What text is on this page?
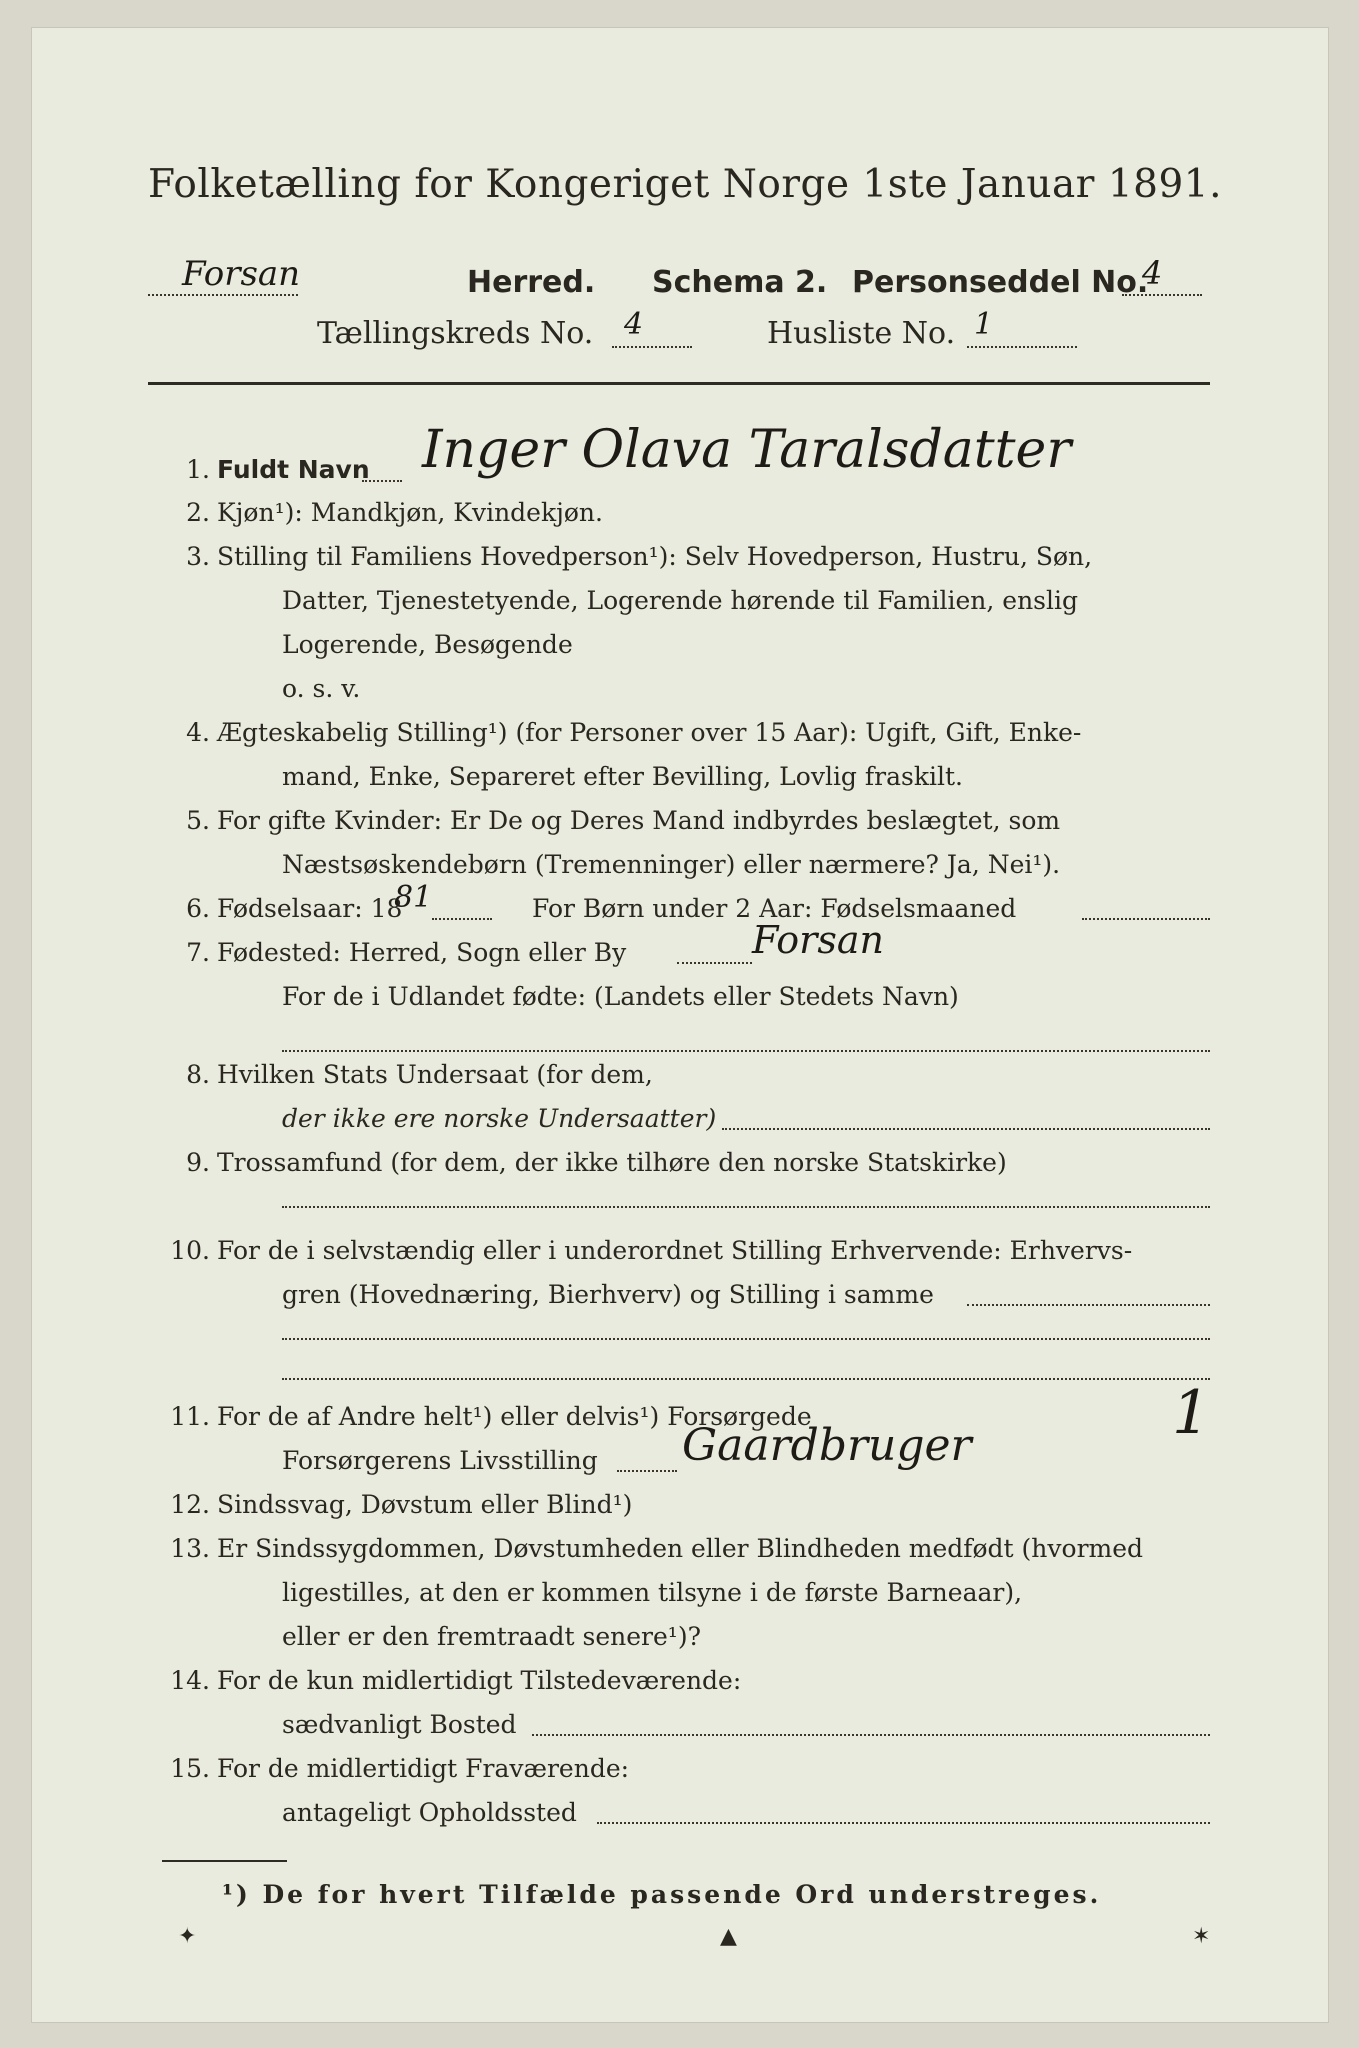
Folketælling for Kongeriget Norge 1ste Januar 1891.
Forsan	Herred. Schema 2. Personseddel No.
4
Tællingskreds No. 4	Husliste No. 1
1. Fuldt Navn Inger Olava Taralsdatter
2. Kjøn¹): Mandkjøn, Kvindekjøn.
3. Stilling til Familiens Hovedperson¹): Selv Hovedperson, Hustru, Søn,
Datter, Tjenestetyende, Logerende hørende til Familien, enslig
Logerende, Besøgende
o. s. v.
4. Ægteskabelig Stilling¹) (for Personer over 15 Aar): Ugift, Gift, Enke-
mand, Enke, Separeret efter Bevilling, Lovlig fraskilt.
5. For gifte Kvinder: Er De og Deres Mand indbyrdes beslægtet, som
Næstsøskendebørn (Tremenninger) eller nærmere? Ja, Nei¹).
6. Fødselsaar: 18
81	For Børn under 2 Aar: Fødselsmaaned
7. Fødested: Herred, Sogn eller By	Forsan
For de i Udlandet fødte: (Landets eller Stedets Navn)
8. Hvilken Stats Undersaat (for dem,
der ikke ere norske Undersaatter)
9. Trossamfund (for dem, der ikke tilhøre den norske Statskirke)
10. For de i selvstændig eller i underordnet Stilling Erhvervende: Erhvervs-
gren (Hovednæring, Bierhverv) og Stilling i samme
11. For de af Andre helt¹) eller delvis¹) Forsørgede
Forsørgerens Livsstilling Gaardbruger	1
12. Sindssvag, Døvstum eller Blind¹)
13. Er Sindssygdommen, Døvstumheden eller Blindheden medfødt (hvormed
ligestilles, at den er kommen tilsyne i de første Barneaar),
eller er den fremtraadt senere¹)?
14. For de kun midlertidigt Tilstedeværende:
sædvanligt Bosted
15. For de midlertidigt Fraværende:
antageligt Opholdssted
¹) De for hvert Tilfælde passende Ord understreges.
✦	▲	✶
